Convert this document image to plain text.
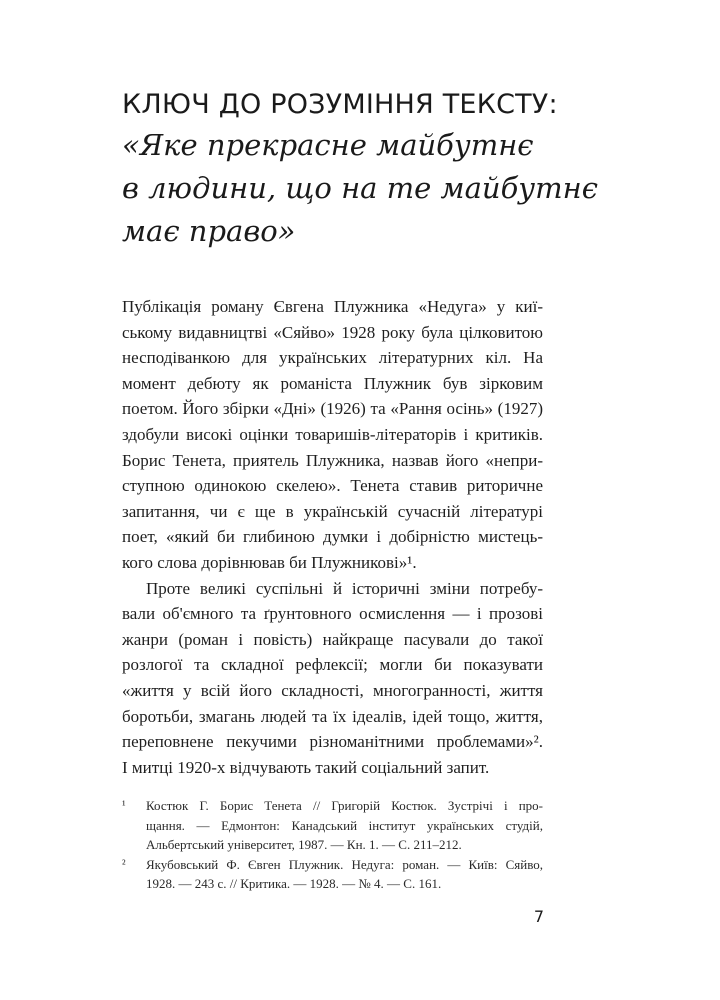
КЛЮЧ ДО РОЗУМІННЯ ТЕКСТУ:
«Яке прекрасне майбутнє
в людини, що на те майбутнє
має право»
Публікація роману Євгена Плужника «Недуга» у киї-
ському видавництві «Сяйво» 1928 року була цілковитою
несподіванкою для українських літературних кіл. На
момент дебюту як романіста Плужник був зірковим
поетом. Його збірки «Дні» (1926) та «Рання осінь» (1927)
здобули високі оцінки товаришів-літераторів і критиків.
Борис Тенета, приятель Плужника, назвав його «непри-
ступною одинокою скелею». Тенета ставив риторичне
запитання, чи є ще в українській сучасній літературі
поет, «який би глибиною думки і добірністю мистець-
кого слова дорівнював би Плужникові»¹.
Проте великі суспільні й історичні зміни потребу-
вали об'ємного та ґрунтовного осмислення — і прозові
жанри (роман і повість) найкраще пасували до такої
розлогої та складної рефлексії; могли би показувати
«життя у всій його складності, многогранності, життя
боротьби, змагань людей та їх ідеалів, ідей тощо, життя,
переповнене пекучими різноманітними проблемами»².
І митці 1920-х відчувають такий соціальний запит.
¹ Костюк Г. Борис Тенета // Григорій Костюк. Зустрічі і про-
щання. — Едмонтон: Канадський інститут українських студій,
Альбертський університет, 1987. — Кн. 1. — С. 211–212.
² Якубовський Ф. Євген Плужник. Недуга: роман. — Київ: Сяйво,
1928. — 243 с. // Критика. — 1928. — № 4. — С. 161.
7
